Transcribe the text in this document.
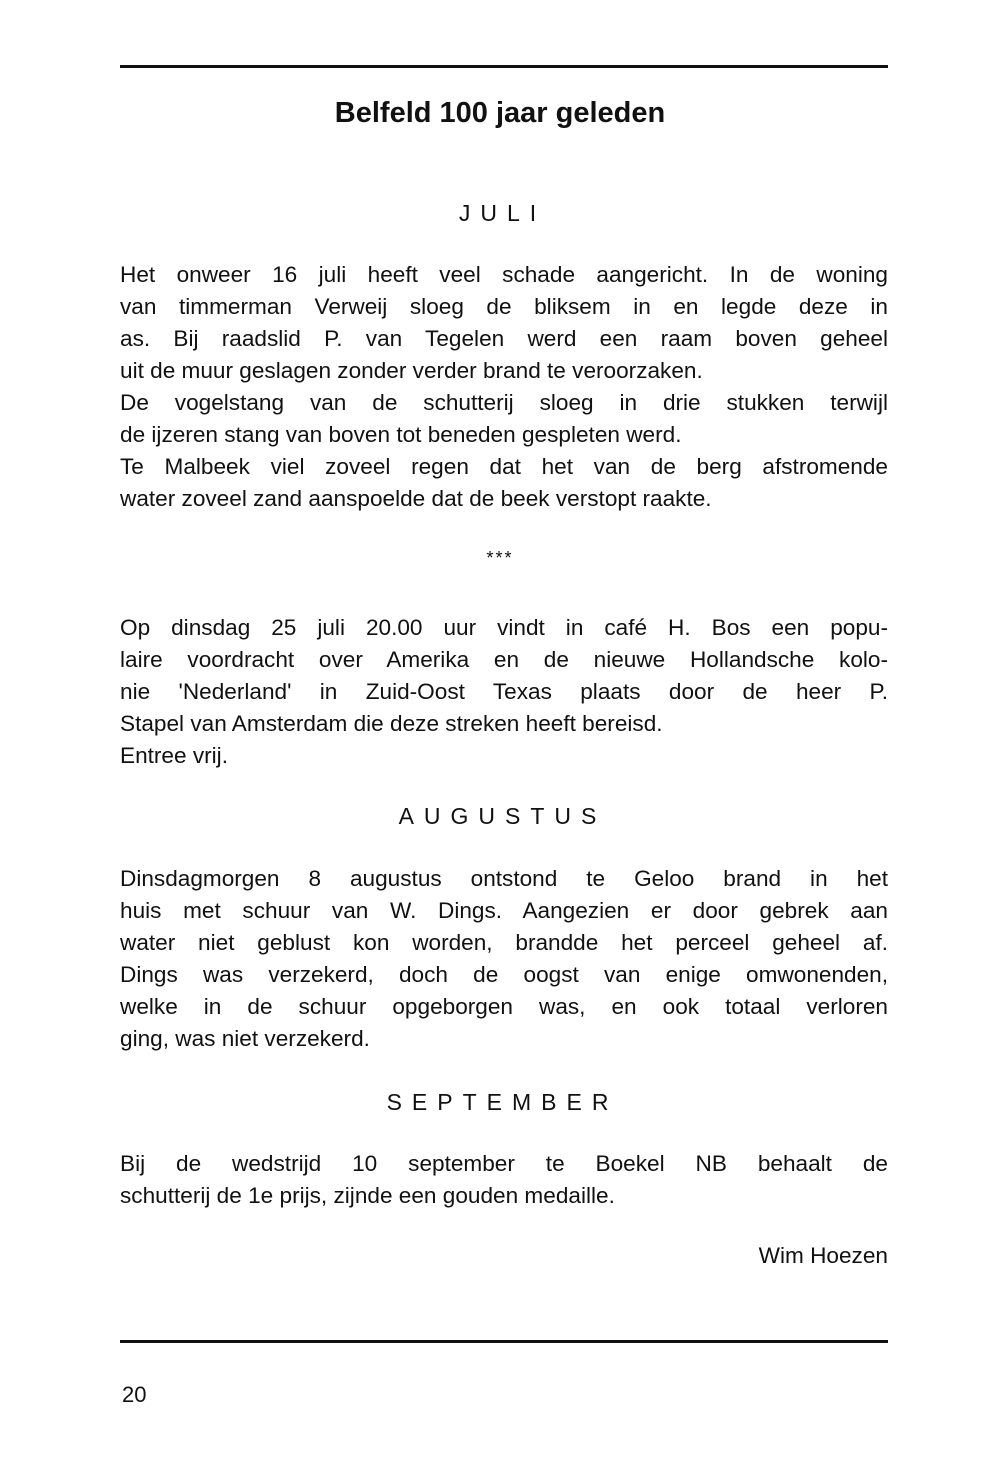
Belfeld 100 jaar geleden
JULI

Het onweer 16 juli heeft veel schade aangericht. In de woning
van timmerman Verweij sloeg de bliksem in en legde deze in
as. Bij raadslid P. van Tegelen werd een raam boven geheel
uit de muur geslagen zonder verder brand te veroorzaken.
De vogelstang van de schutterij sloeg in drie stukken terwijl
de ijzeren stang van boven tot beneden gespleten werd.
Te Malbeek viel zoveel regen dat het van de berg afstromende
water zoveel zand aanspoelde dat de beek verstopt raakte.

***

Op dinsdag 25 juli 20.00 uur vindt in café H. Bos een popu-
laire voordracht over Amerika en de nieuwe Hollandsche kolo-
nie 'Nederland' in Zuid-Oost Texas plaats door de heer P.
Stapel van Amsterdam die deze streken heeft bereisd.
Entree vrij.

AUGUSTUS

Dinsdagmorgen 8 augustus ontstond te Geloo brand in het
huis met schuur van W. Dings. Aangezien er door gebrek aan
water niet geblust kon worden, brandde het perceel geheel af.
Dings was verzekerd, doch de oogst van enige omwonenden,
welke in de schuur opgeborgen was, en ook totaal verloren
ging, was niet verzekerd.

SEPTEMBER

Bij de wedstrijd 10 september te Boekel NB behaalt de
schutterij de 1e prijs, zijnde een gouden medaille.

Wim Hoezen
20
